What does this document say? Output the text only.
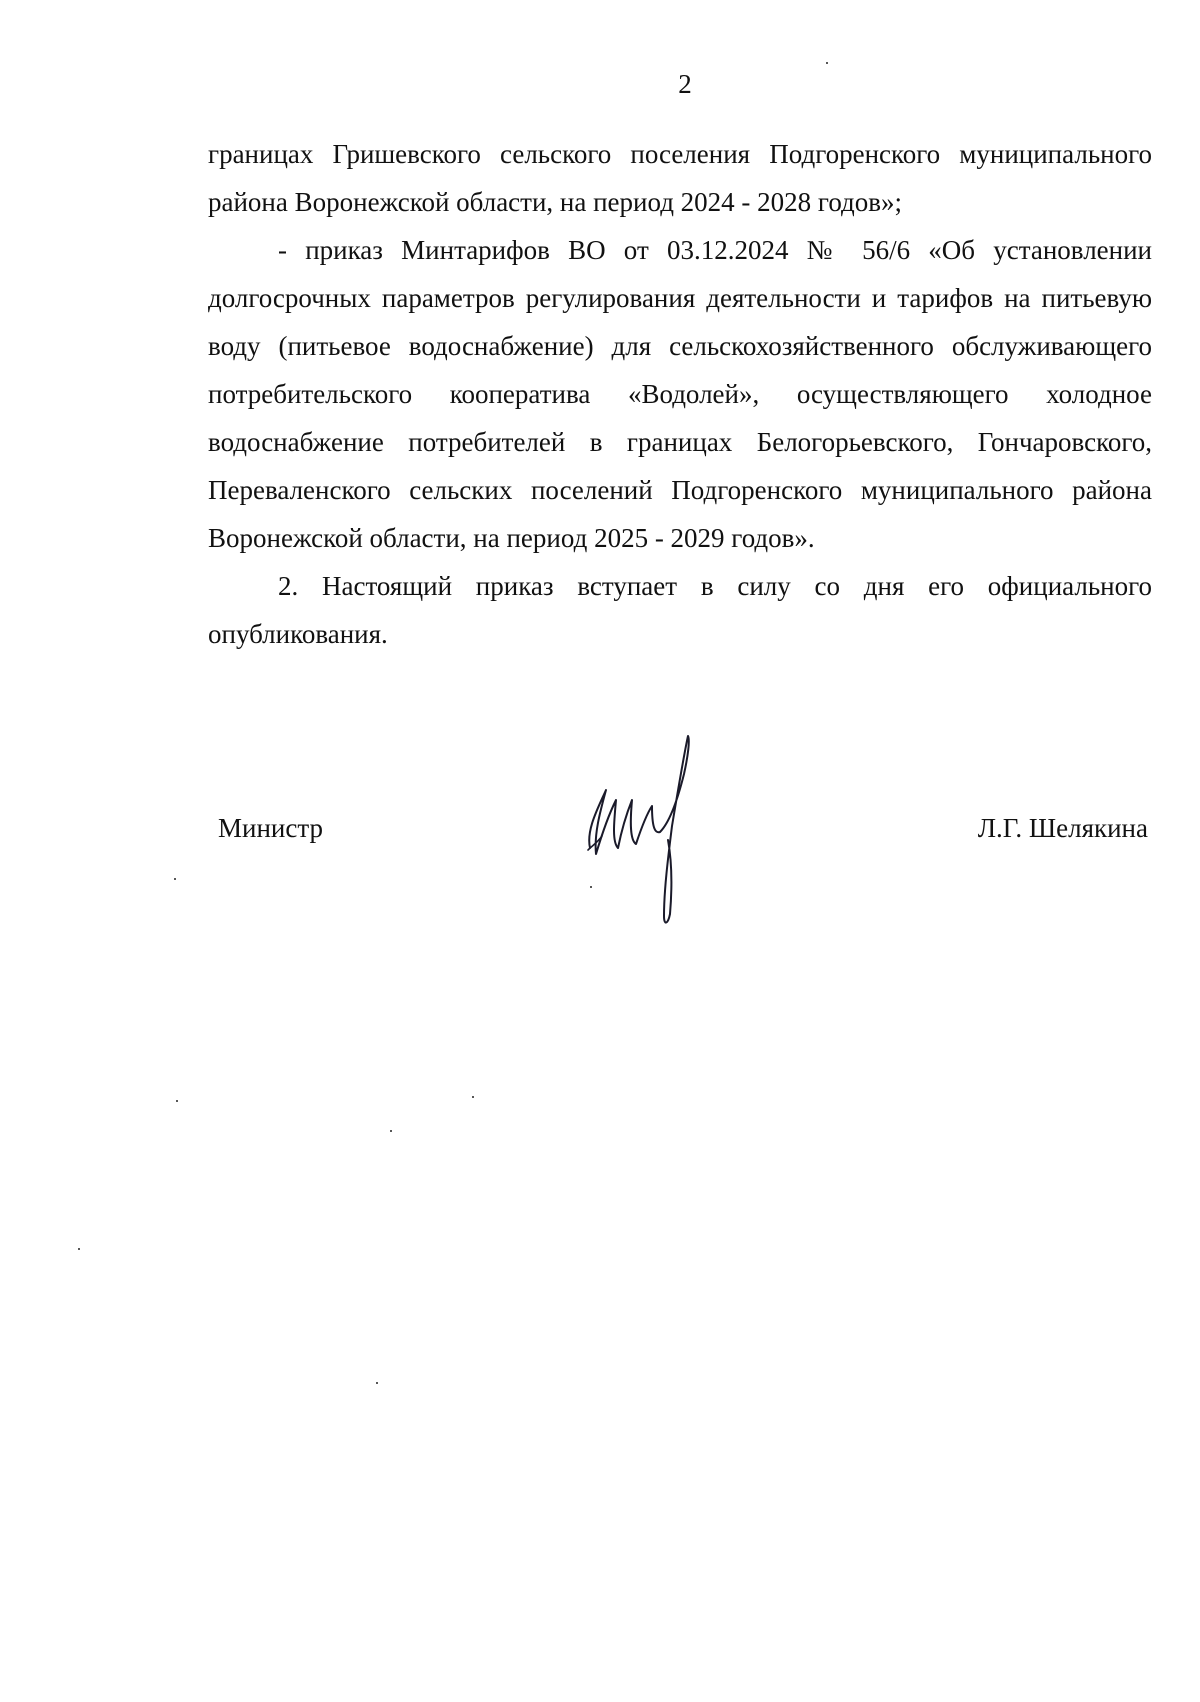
2

границах Гришевского сельского поселения Подгоренского муниципального района Воронежской области, на период 2024 - 2028 годов»;

- приказ Минтарифов ВО от 03.12.2024 № 56/6 «Об установлении долгосрочных параметров регулирования деятельности и тарифов на питьевую воду (питьевое водоснабжение) для сельскохозяйственного обслуживающего потребительского кооператива «Водолей», осуществляющего холодное водоснабжение потребителей в границах Белогорьевского, Гончаровского, Переваленского сельских поселений Подгоренского муниципального района Воронежской области, на период 2025 - 2029 годов».

2. Настоящий приказ вступает в силу со дня его официального опубликования.

Министр	Л.Г. Шелякина
